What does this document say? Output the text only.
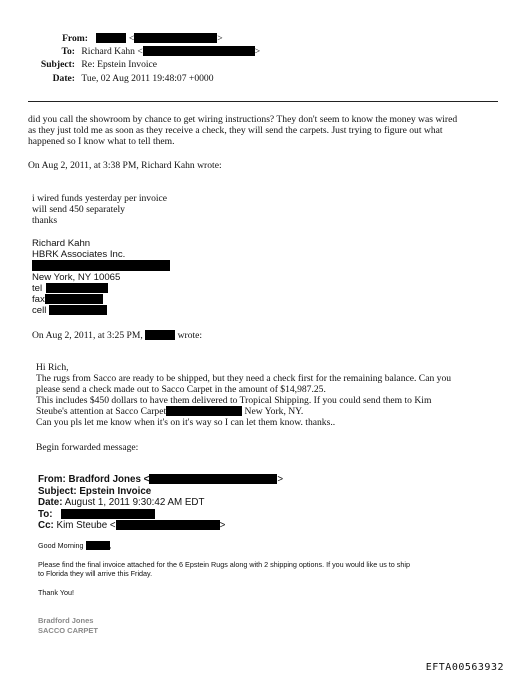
From:	<	>
To: Richard Kahn <	>
Subject: Re: Epstein Invoice
Date: Tue, 02 Aug 2011 19:48:07 +0000
did you call the showroom by chance to get wiring instructions? They don't seem to know the money was wired
as they just told me as soon as they receive a check, they will send the carpets. Just trying to figure out what
happened so I know what to tell them.
On Aug 2, 2011, at 3:38 PM, Richard Kahn wrote:
i wired funds yesterday per invoice
will send 450 separately
thanks
Richard Kahn
HBRK Associates Inc.
New York, NY 10065
tel
fax
cell
On Aug 2, 2011, at 3:25 PM,	wrote:
Hi Rich,
The rugs from Sacco are ready to be shipped, but they need a check first for the remaining balance. Can you
please send a check made out to Sacco Carpet in the amount of $14,987.25.
This includes $450 dollars to have them delivered to Tropical Shipping. If you could send them to Kim
Steube's attention at Sacco Carpet	New York, NY.
Can you pls let me know when it's on it's way so I can let them know. thanks..
Begin forwarded message:
From: Bradford Jones <	>
Subject: Epstein Invoice
Date: August 1, 2011 9:30:42 AM EDT
To:
Cc: Kim Steube <	>
Good Morning	,
Please find the final invoice attached for the 6 Epstein Rugs along with 2 shipping options. If you would like us to ship
to Florida they will arrive this Friday.
Thank You!
Bradford Jones
SACCO CARPET
EFTA00563932
